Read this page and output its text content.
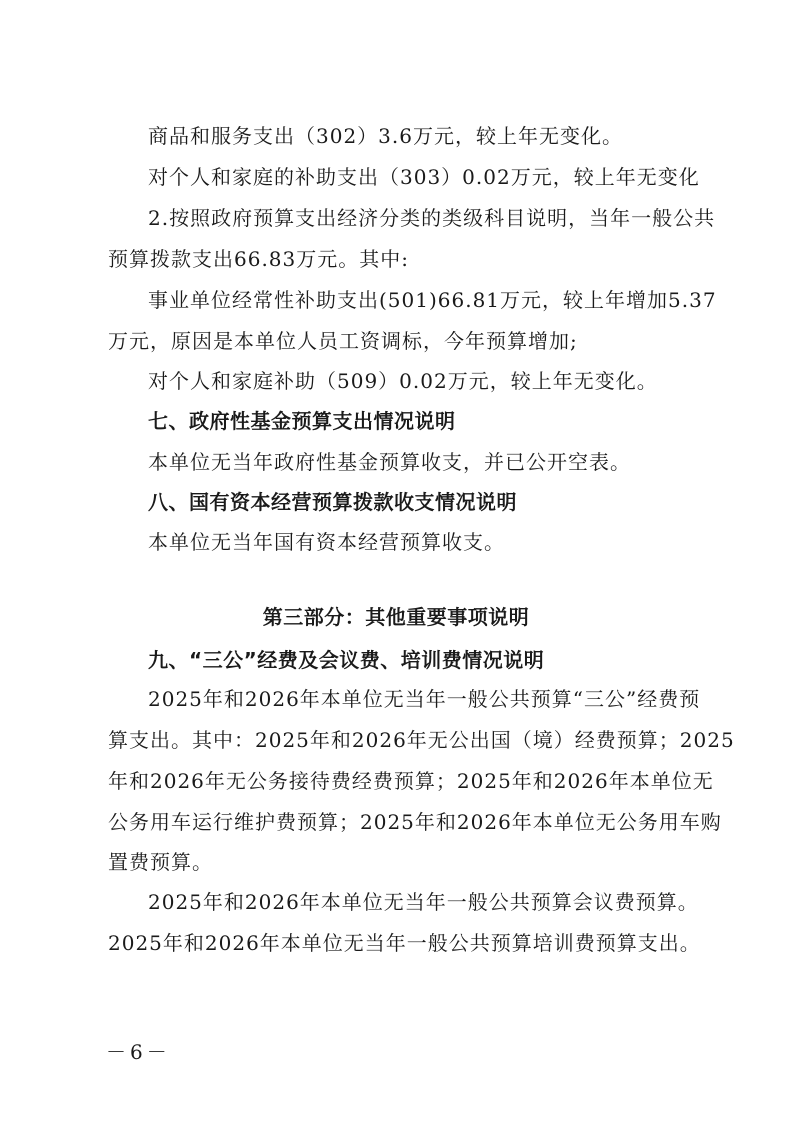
商品和服务支出（302）3.6万元，较上年无变化。
对个人和家庭的补助支出（303）0.02万元，较上年无变化
2.按照政府预算支出经济分类的类级科目说明，当年一般公共
预算拨款支出66.83万元。其中:
事业单位经常性补助支出(501)66.81万元，较上年增加5.37
万元，原因是本单位人员工资调标，今年预算增加;
对个人和家庭补助（509）0.02万元，较上年无变化。
七、政府性基金预算支出情况说明
本单位无当年政府性基金预算收支，并已公开空表。
八、国有资本经营预算拨款收支情况说明
本单位无当年国有资本经营预算收支。
第三部分：其他重要事项说明
九、“三公”经费及会议费、培训费情况说明
2025年和2026年本单位无当年一般公共预算“三公”经费预
算支出。其中：2025年和2026年无公出国（境）经费预算；2025
年和2026年无公务接待费经费预算；2025年和2026年本单位无
公务用车运行维护费预算；2025年和2026年本单位无公务用车购
置费预算。
2025年和2026年本单位无当年一般公共预算会议费预算。
2025年和2026年本单位无当年一般公共预算培训费预算支出。
－6－
